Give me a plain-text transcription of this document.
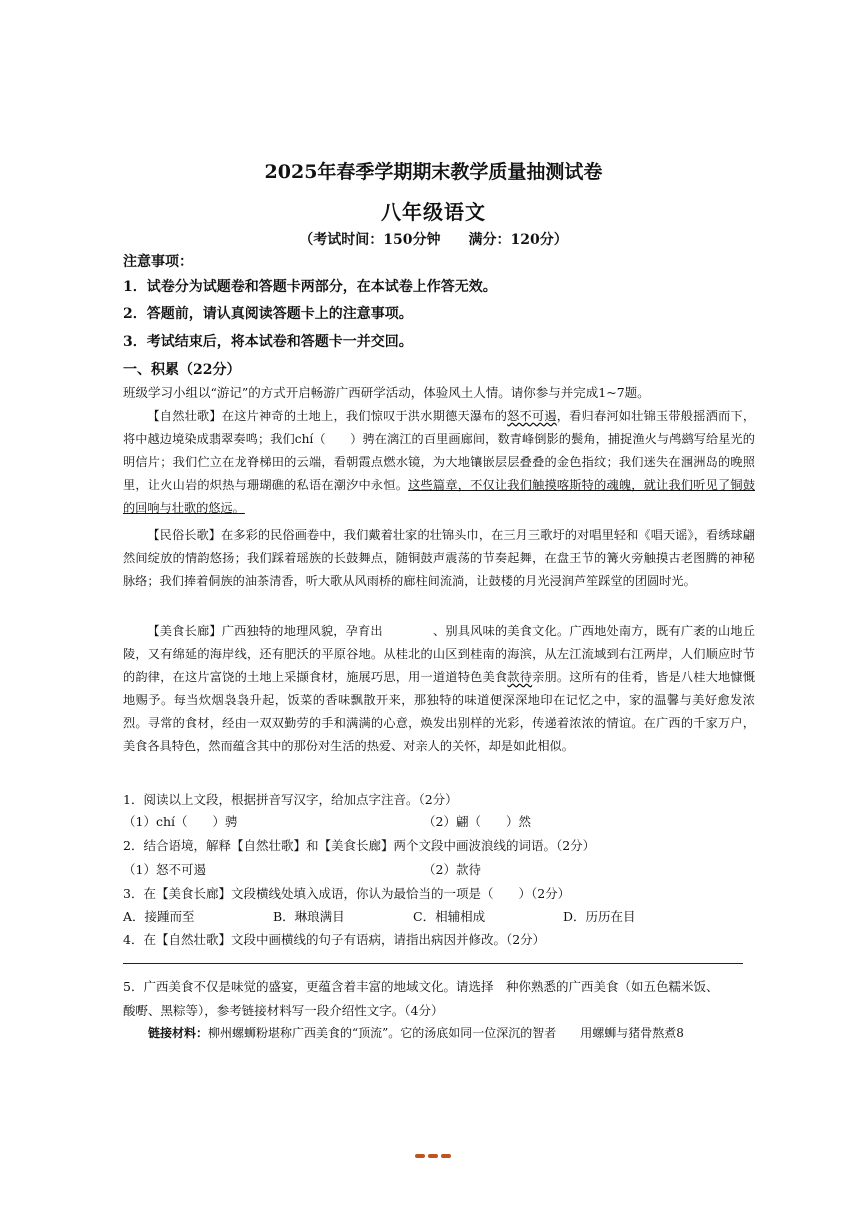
2025年春季学期期末教学质量抽测试卷
八年级语文
（考试时间：150分钟 满分：120分）
注意事项：
1．试卷分为试题卷和答题卡两部分，在本试卷上作答无效。
2．答题前，请认真阅读答题卡上的注意事项。
3．考试结束后，将本试卷和答题卡一并交回。
一、积累（22分）
班级学习小组以“游记”的方式开启畅游广西研学活动，体验风土人情。请你参与并完成1~7题。
【自然壮歌】在这片神奇的土地上，我们惊叹于洪水期德天瀑布的怒不可遏，看归春河如壮锦玉带般摇洒而下，将中越边境染成翡翠奏鸣；我们chí（　　）骋在漓江的百里画廊间，数青峰倒影的鬓角，捕捉渔火与鸬鹚写给星光的明信片；我们伫立在龙脊梯田的云端，看朝霞点燃水镜，为大地镶嵌层层叠叠的金色指纹；我们迷失在涠洲岛的晚照里，让火山岩的炽热与珊瑚礁的私语在潮汐中永恒。这些篇章，不仅让我们触摸喀斯特的魂魄，就让我们听见了铜鼓的回响与壮歌的悠远。
【民俗长歌】在多彩的民俗画卷中，我们戴着壮家的壮锦头巾，在三月三歌圩的对唱里轻和《唱天谣》，看绣球翩然间绽放的情韵悠扬；我们踩着瑶族的长鼓舞点，随铜鼓声震荡的节奏起舞，在盘王节的篝火旁触摸古老图腾的神秘脉络；我们捧着侗族的油茶清香，听大歌从风雨桥的廊柱间流淌，让鼓楼的月光浸润芦笙踩堂的团圆时光。
【美食长廊】广西独特的地理风貌，孕育出	、别具风味的美食文化。广西地处南方，既有广袤的山地丘陵，又有绵延的海岸线，还有肥沃的平原谷地。从桂北的山区到桂南的海滨，从左江流域到右江两岸，人们顺应时节的韵律，在这片富饶的土地上采撷食材，施展巧思，用一道道特色美食款待亲朋。这所有的佳肴，皆是八桂大地慷慨地赐予。每当炊烟袅袅升起，饭菜的香味飘散开来，那独特的味道便深深地印在记忆之中，家的温馨与美好愈发浓烈。寻常的食材，经由一双双勤劳的手和满满的心意，焕发出别样的光彩，传递着浓浓的情谊。在广西的千家万户，美食各具特色，然而蕴含其中的那份对生活的热爱、对亲人的关怀，却是如此相似。
1．阅读以上文段，根据拼音写汉字，给加点字注音。（2分）
（1）chí（　　）骋	（2）翩（　　）然
2．结合语境，解释【自然壮歌】和【美食长廊】两个文段中画波浪线的词语。（2分）
（1）怒不可遏	（2）款待
3．在【美食长廊】文段横线处填入成语，你认为最恰当的一项是（　　）（2分）
A．接踵而至	B．琳琅满目	C．相辅相成	D．历历在目
4．在【自然壮歌】文段中画横线的句子有语病，请指出病因并修改。（2分）
5．广西美食不仅是味觉的盛宴，更蕴含着丰富的地域文化。请选择　种你熟悉的广西美食（如五色糯米饭、
酸嘢、黑粽等），参考链接材料写一段介绍性文字。（4分）
链接材料：柳州螺蛳粉堪称广西美食的“顶流”。它的汤底如同一位深沉的智者　　用螺蛳与猪骨熬煮8
